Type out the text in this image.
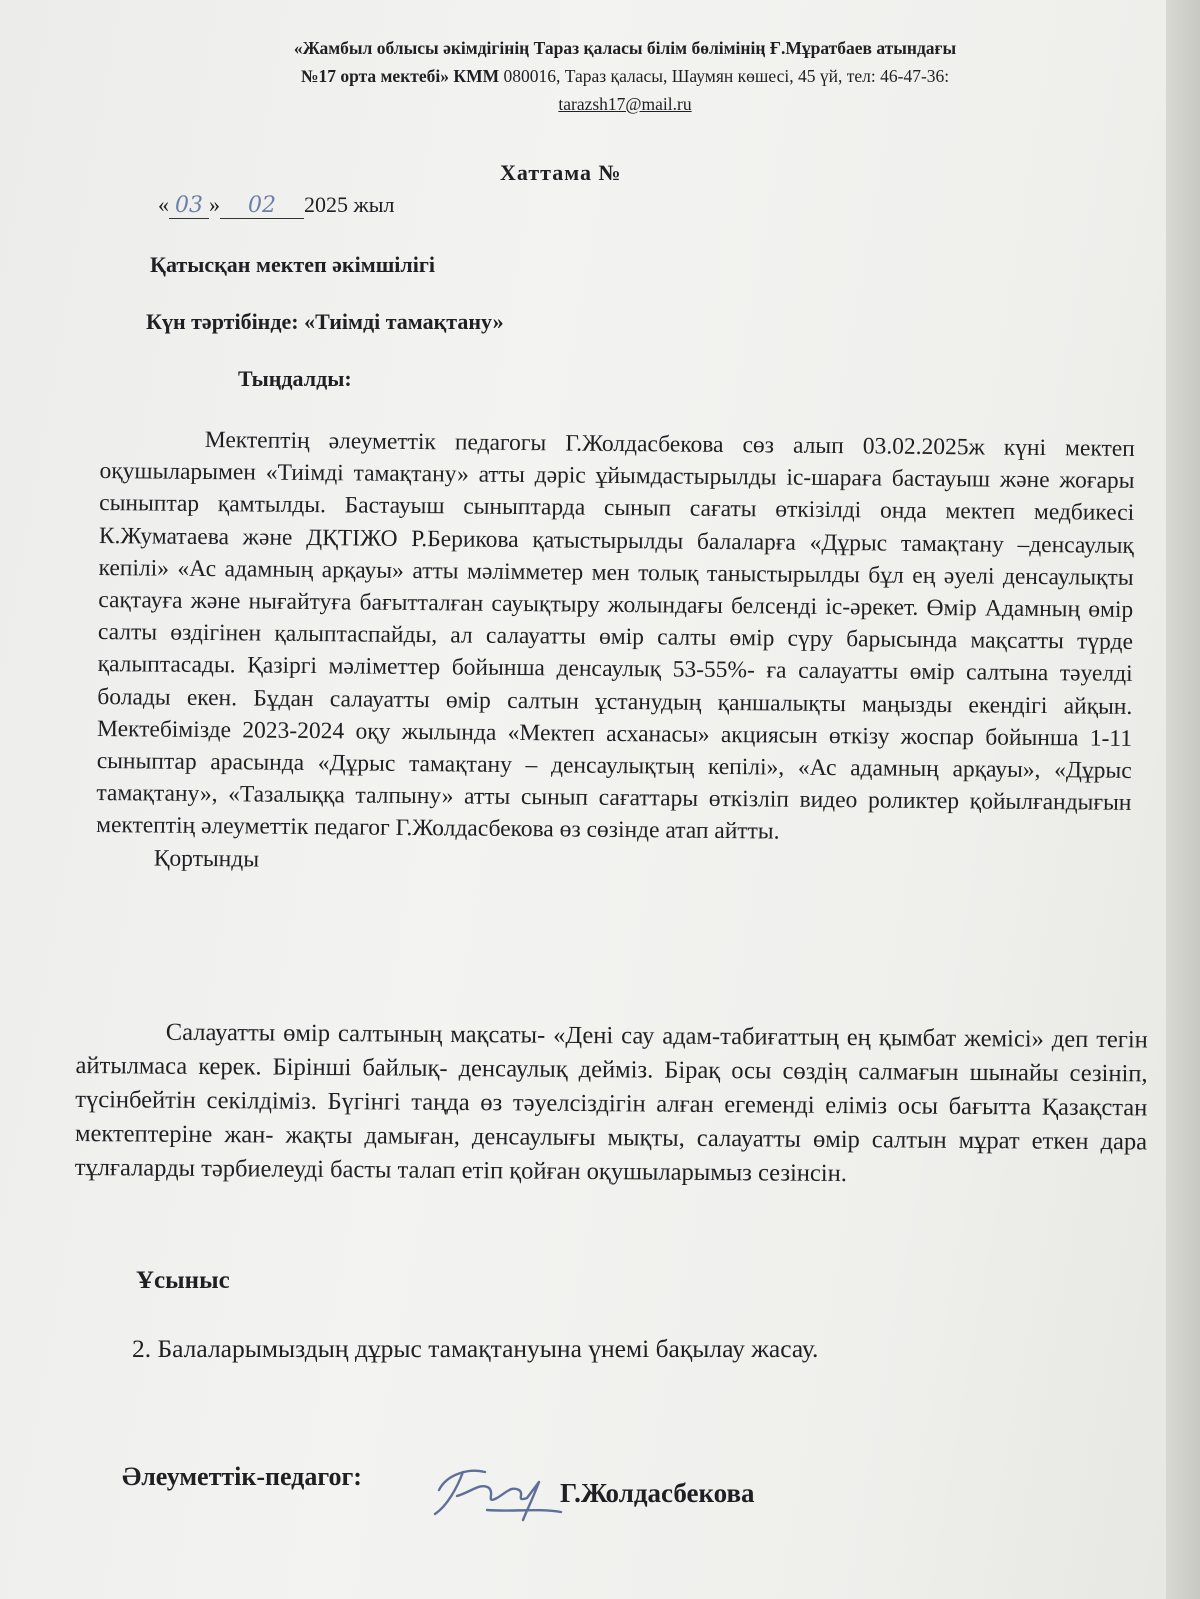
«Жамбыл облысы әкімдігінің Тараз қаласы білім бөлімінің Ғ.Мұратбаев атындағы
№17 орта мектебі» КММ 080016, Тараз қаласы, Шаумян көшесі, 45 үй, тел: 46-47-36:
tarazsh17@mail.ru
Хаттама №
« 03 » 02 2025 жыл
Қатысқан мектеп әкімшілігі
Күн тәртібінде: «Тиімді тамақтану»
Тыңдалды:

Мектептің әлеуметтік педагогы Г.Жолдасбекова сөз алып 03.02.2025ж күні мектеп оқушыларымен «Тиімді тамақтану» атты дәріс ұйымдастырылды іс-шараға бастауыш және жоғары сыныптар қамтылды. Бастауыш сыныптарда сынып сағаты өткізілді онда мектеп медбикесі К.Жуматаева және ДҚТІЖО Р.Берикова қатыстырылды балаларға «Дұрыс тамақтану –денсаулық кепілі» «Ас адамның арқауы» атты мәлімметер мен толық таныстырылды бұл ең әуелі денсаулықты сақтауға және нығайтуға бағытталған сауықтыру жолындағы белсенді іс-әрекет. Өмір Адамның өмір салты өздігінен қалыптаспайды, ал салауатты өмір салты өмір сүру барысында мақсатты түрде қалыптасады. Қазіргі мәліметтер бойынша денсаулық 53-55%- ға салауатты өмір салтына тәуелді болады екен. Бұдан салауатты өмір салтын ұстанудың қаншалықты маңызды екендігі айқын. Мектебімізде 2023-2024 оқу жылында «Мектеп асханасы» акциясын өткізу жоспар бойынша 1-11 сыныптар арасында «Дұрыс тамақтану – денсаулықтың кепілі», «Ас адамның арқауы», «Дұрыс тамақтану», «Тазалыққа талпыну» атты сынып сағаттары өткізліп видео роликтер қойылғандығын мектептің әлеуметтік педагог Г.Жолдасбекова өз сөзінде атап айтты.

Қортынды

Салауатты өмір салтының мақсаты- «Дені сау адам-табиғаттың ең қымбат жемісі» деп тегін айтылмаса керек. Бірінші байлық- денсаулық дейміз. Бірақ осы сөздің салмағын шынайы сезініп, түсінбейтін секілдіміз. Бүгінгі таңда өз тәуелсіздігін алған егеменді еліміз осы бағытта Қазақстан мектептеріне жан- жақты дамыған, денсаулығы мықты, салауатты өмір салтын мұрат еткен дара тұлғаларды тәрбиелеуді басты талап етіп қойған оқушыларымыз сезінсін.

Ұсыныс
2. Балаларымыздың дұрыс тамақтануына үнемі бақылау жасау.
Әлеуметтік-педагог:
Г.Жолдасбекова
